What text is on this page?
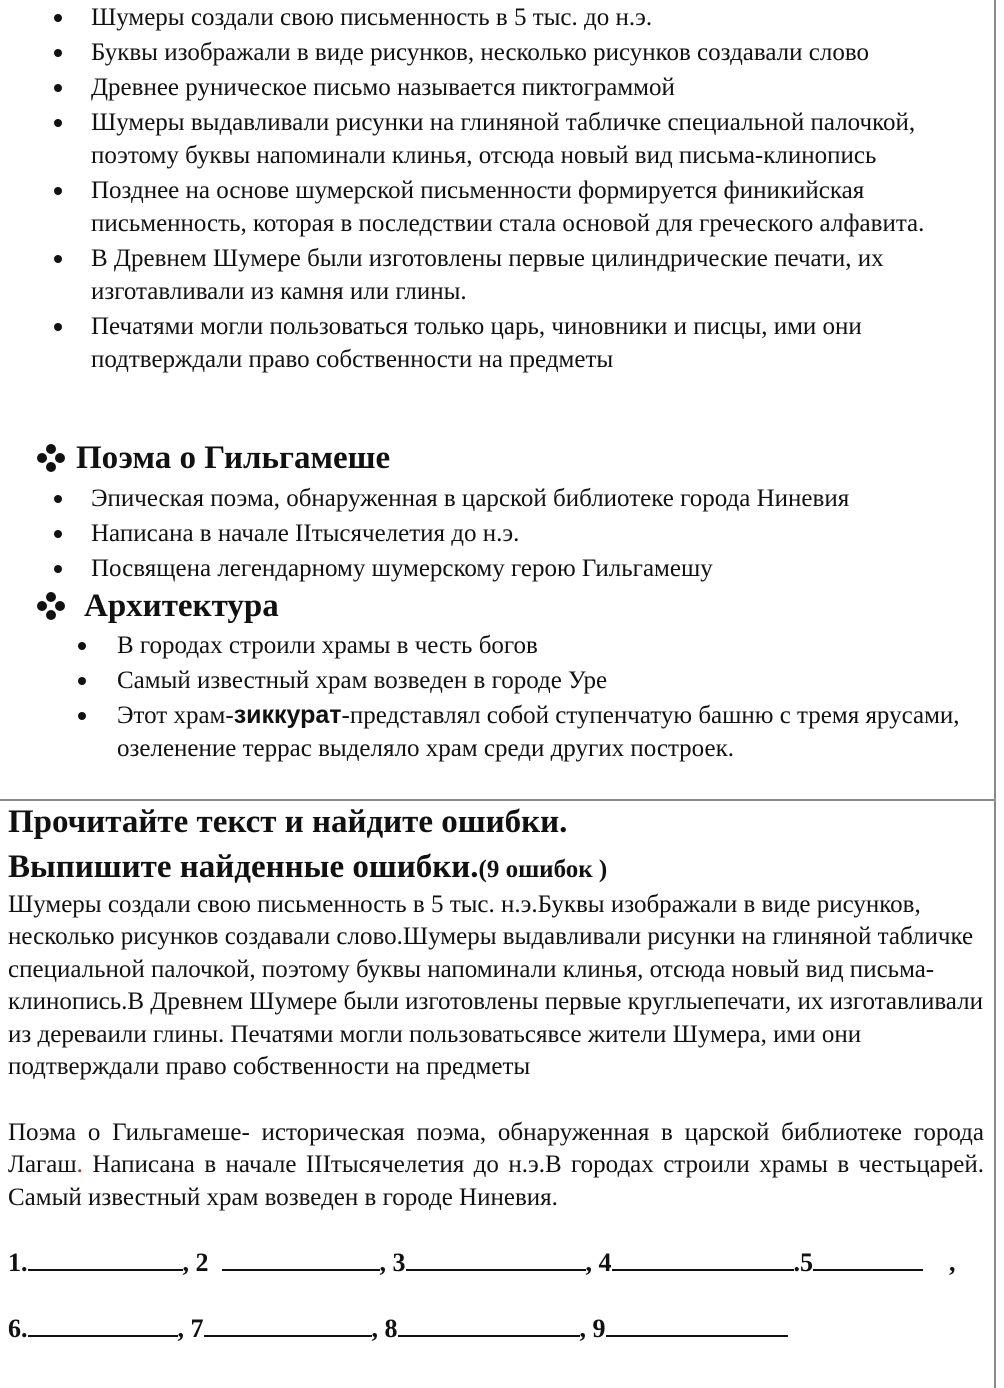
Шумеры создали свою письменность в 5 тыс. до н.э.
Буквы изображали в виде рисунков, несколько рисунков создавали слово
Древнее руническое письмо называется пиктограммой
Шумеры выдавливали рисунки на глиняной табличке специальной палочкой, поэтому буквы напоминали клинья, отсюда новый вид письма-клинопись
Позднее на основе шумерской письменности формируется финикийская письменность, которая в последствии стала основой для греческого алфавита.
В Древнем Шумере были изготовлены первые цилиндрические печати, их изготавливали из камня или глины.
Печатями могли пользоваться только царь, чиновники и писцы, ими они подтверждали право собственности на предметы
Поэма о Гильгамеше
Эпическая поэма, обнаруженная в царской библиотеке города Ниневия
Написана в начале IIтысячелетия до н.э.
Посвящена легендарному шумерскому герою Гильгамешу
Архитектура
В городах строили храмы в честь богов
Самый известный храм возведен в городе Уре
Этот храм-зиккурат-представлял собой ступенчатую башню с тремя ярусами, озеленение террас выделяло храм среди других построек.
Прочитайте текст и найдите ошибки.
Выпишите найденные ошибки.(9 ошибок )
Шумеры создали свою письменность в 5 тыс. н.э.Буквы изображали в виде рисунков, несколько рисунков создавали слово.Шумеры выдавливали рисунки на глиняной табличке специальной палочкой, поэтому буквы напоминали клинья, отсюда новый вид письма-клинопись.В Древнем Шумере были изготовлены первые круглыепечати, их изготавливали из дереваили глины. Печатями могли пользоватьсявсе жители Шумера, ими они подтверждали право собственности на предметы
Поэма о Гильгамеше- историческая поэма, обнаруженная в царской библиотеке города Лагаш. Написана в начале IIIтысячелетия до н.э.В городах строили храмы в честьцарей. Самый известный храм возведен в городе Ниневия.
1.	, 2	, 3	, 4	.5	,
6.	, 7	, 8	, 9
